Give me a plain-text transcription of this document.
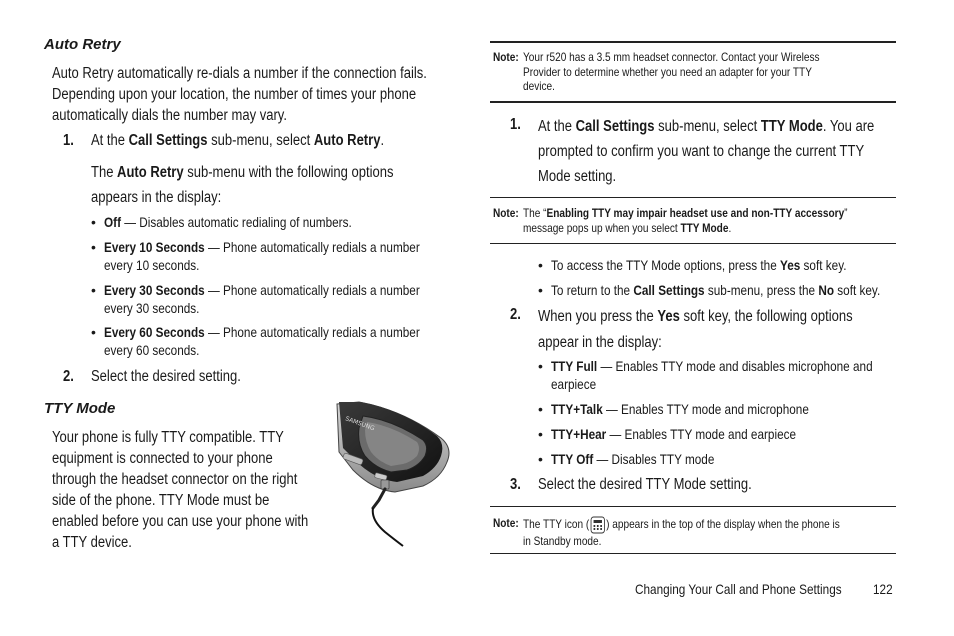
Auto Retry
Auto Retry automatically re-dials a number if the connection fails.
Depending upon your location, the number of times your phone
automatically dials the number may vary.
1. At the Call Settings sub-menu, select Auto Retry.
The Auto Retry sub-menu with the following options
appears in the display:
• Off — Disables automatic redialing of numbers.
• Every 10 Seconds — Phone automatically redials a number
every 10 seconds.
• Every 30 Seconds — Phone automatically redials a number
every 30 seconds.
• Every 60 Seconds — Phone automatically redials a number
every 60 seconds.
2. Select the desired setting.
TTY Mode
Your phone is fully TTY compatible. TTY
equipment is connected to your phone
through the headset connector on the right
side of the phone. TTY Mode must be
enabled before you can use your phone with
a TTY device.
SAMSUNG
Note: Your r520 has a 3.5 mm headset connector. Contact your Wireless
Provider to determine whether you need an adapter for your TTY
device.
1. At the Call Settings sub-menu, select TTY Mode. You are
prompted to confirm you want to change the current TTY
Mode setting.
Note: The “Enabling TTY may impair headset use and non-TTY accessory”
message pops up when you select TTY Mode.
• To access the TTY Mode options, press the Yes soft key.
• To return to the Call Settings sub-menu, press the No soft key.
2. When you press the Yes soft key, the following options
appear in the display:
• TTY Full — Enables TTY mode and disables microphone and
earpiece
• TTY+Talk — Enables TTY mode and microphone
• TTY+Hear — Enables TTY mode and earpiece
• TTY Off — Disables TTY mode
3. Select the desired TTY Mode setting.
Note: The TTY icon ( ) appears in the top of the display when the phone is
in Standby mode.
Changing Your Call and Phone Settings	122
